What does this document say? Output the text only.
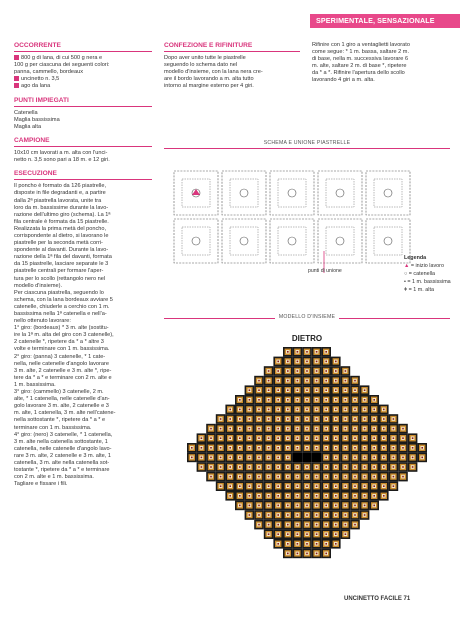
SPERIMENTALE, SENSAZIONALE
OCCORRENTE
800 g di lana, di cui 500 g nera e
100 g per ciascuna dei seguenti colori:
panna, cammello, bordeaux
uncinetto n. 3,5
ago da lana
PUNTI IMPIEGATI
Catenella
Maglia bassissima
Maglia alta
CAMPIONE
10x10 cm lavorati a m. alta con l'unci-
netto n. 3,5 sono pari a 18 m. e 12 giri.
ESECUZIONE
Il poncho è formato da 126 piastrelle,
disposte in file degradanti e, a partire
dalla 2ª piastrella lavorata, unite tra
loro da m. bassissime durante la lavo-
razione dell'ultimo giro (schema). La 1ª
fila centrale è formata da 15 piastrelle.
Realizzata la prima metà del poncho,
corrispondente al dietro, si lavorano le
piastrelle per la seconda metà corri-
spondente al davanti. Durante la lavo-
razione della 1ª fila del davanti, formata
da 15 piastrelle, lasciare separate le 3
piastrelle centrali per formare l'aper-
tura per lo scollo (rettangolo nero nel
modello d'insieme).
Per ciascuna piastrella, seguendo lo
schema, con la lana bordeaux avviare 5
catenelle, chiuderle a cerchio con 1 m.
bassissima nella 1ª catenella e nell'a-
nello ottenuto lavorare:
1° giro: (bordeaux) * 3 m. alte (sostitu-
ire la 1ª m. alta del giro con 3 catenelle),
2 catenelle *, ripetere da * a * altre 3
volte e terminare con 1 m. bassissima.
2° giro: (panna) 3 catenelle, * 1 cate-
nella, nelle catenelle d'angolo lavorare
3 m. alte, 2 catenelle e 3 m. alte *, ripe-
tere da * a * e terminare con 2 m. alte e
1 m. bassissima.
3° giro: (cammello) 3 catenelle, 2 m.
alte, * 1 catenella, nelle catenelle d'an-
golo lavorare 3 m. alte, 2 catenelle e 3
m. alte, 1 catenella, 3 m. alte nell'catene-
nella sottostante *, ripetere da * a * e
terminare con 1 m. bassissima.
4° giro: (nero) 3 catenelle, * 1 catenella,
3 m. alte nella catenella sottostante, 1
catenella, nelle catenelle d'angolo lavo-
rare 3 m. alte, 2 catenelle e 3 m. alte, 1
catenella, 3 m. alte nella catenella sot-
tostante *, ripetere da * a * e terminare
con 2 m. alte e 1 m. bassissima.
Tagliare e fissare i fili.
CONFEZIONE E RIFINITURE
Dopo aver unito tutte le piastrelle
seguendo lo schema dato nel
modello d'insieme, con la lana nera cre-
are il bordo lavorando a m. alta tutto
intorno al margine esterno per 4 giri.
Rifinire con 1 giro a ventaglietti lavorato
come segue: * 1 m. bassa, saltare 2 m.
di base, nella m. successiva lavorare 6
m. alte, saltare 2 m. di base *, ripetere
da * a *. Rifinire l'apertura dello scollo
lavorando 4 giri a m. alta.
SCHEMA E UNIONE PIASTRELLE
punti di unione
Legenda
▲ = inizio lavoro
○ = catenella
• = 1 m. bassissima
ǂ = 1 m. alta
MODELLO D'INSIEME
DIETRO
DAVANTI	UNCINETTO FACILE 71
